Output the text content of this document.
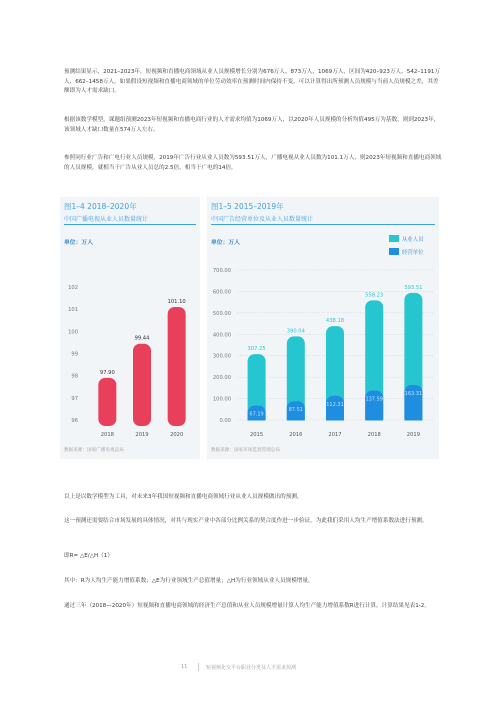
预测结果显示，2021–2023年，短视频和直播电商领域从业人员规模增长分别为676万人、873万人、1069万人，区间为420–923万人、542–1191万人、662–1458万人。如果假设短视频和直播电商领域的单位劳动效率在预测时间内保持不变，可以计算得出所预测人员规模与当前人员规模之差，其差额即为人才需求缺口。
根据该数学模型，课题组预测2023年短视频和直播电商行业的人才需求均值为1069万人，以2020年人员规模的分析均值495万为基数，则到2023年，该领域人才缺口数量在574万人左右。
参照同行业广告和广电行业人员规模，2019年广告行业从业人员数为593.51万人，广播电视从业人员数为101.1万人，则2023年短视频和直播电商领域的人员规模，就相当于广告从业人员总的2.5倍，相当于广电的14倍。
图1–4 2018–2020年
中国广播电视从业人员数量统计
单位：万人
96
97
98
99
100
101
102
97.90
2018
99.44
2019
101.10
2020
数据来源：国家广播电视总局
图1–5 2015–2019年
中国广告经营单位及从业人员数量统计
单位：万人
0.00
100.00
200.00
300.00
400.00
500.00
600.00
700.00
从业人员
经营单位
307.25
67.19
2015
390.04
87.51
2016
438.18
112.31
2017
558.23
137.59
2018
593.51
163.31
2019
数据来源：国家市场监督管理总局
以上是以数学模型为工具，对未来3年我国短视频和直播电商领域行业从业人员规模做出的预测。
这一预测还需要结合市场发展的具体情况，对其与现实产业中各部分比例关系的契合度作进一步验证。为此我们采用人均生产增值系数法进行预测。
即R= △E/△H（1）
其中：R为人均生产能力增值系数；△E为行业领域生产总值增量；△H为行业领域从业人员规模增量。
通过三年（2018—2020年）短视频和直播电商领域的经济生产总值和从业人员规模增量计算人均生产能力增值系数R进行计算，计算结果见表1-2。
11	短视频化交平台职业分类及人才需求预测
